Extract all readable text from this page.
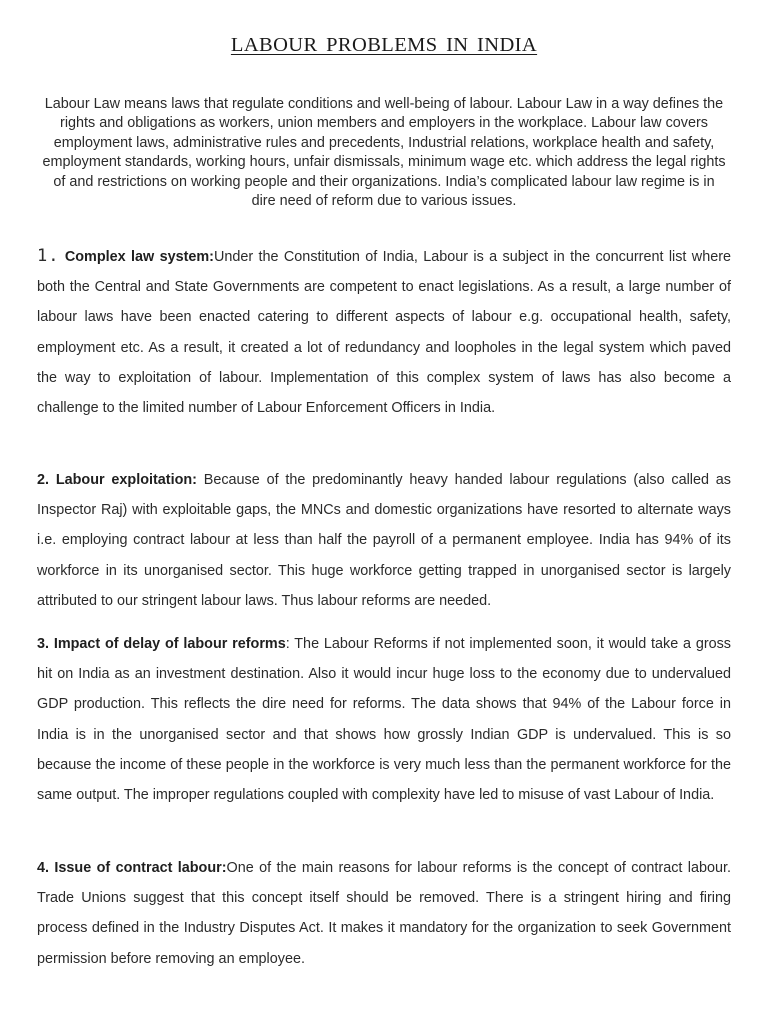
LABOUR PROBLEMS IN INDIA

Labour Law means laws that regulate conditions and well-being of labour. Labour Law in a way defines the rights and obligations as workers, union members and employers in the workplace. Labour law covers employment laws, administrative rules and precedents, Industrial relations, workplace health and safety, employment standards, working hours, unfair dismissals, minimum wage etc. which address the legal rights of and restrictions on working people and their organizations. India’s complicated labour law regime is in dire need of reform due to various issues.

1. Complex law system:Under the Constitution of India, Labour is a subject in the concurrent list where both the Central and State Governments are competent to enact legislations. As a result, a large number of labour laws have been enacted catering to different aspects of labour e.g. occupational health, safety, employment etc. As a result, it created a lot of redundancy and loopholes in the legal system which paved the way to exploitation of labour. Implementation of this complex system of laws has also become a challenge to the limited number of Labour Enforcement Officers in India.

2. Labour exploitation: Because of the predominantly heavy handed labour regulations (also called as Inspector Raj) with exploitable gaps, the MNCs and domestic organizations have resorted to alternate ways i.e. employing contract labour at less than half the payroll of a permanent employee. India has 94% of its workforce in its unorganised sector. This huge workforce getting trapped in unorganised sector is largely attributed to our stringent labour laws. Thus labour reforms are needed.

3. Impact of delay of labour reforms: The Labour Reforms if not implemented soon, it would take a gross hit on India as an investment destination. Also it would incur huge loss to the economy due to undervalued GDP production. This reflects the dire need for reforms. The data shows that 94% of the Labour force in India is in the unorganised sector and that shows how grossly Indian GDP is undervalued. This is so because the income of these people in the workforce is very much less than the permanent workforce for the same output. The improper regulations coupled with complexity have led to misuse of vast Labour of India.

4. Issue of contract labour:One of the main reasons for labour reforms is the concept of contract labour. Trade Unions suggest that this concept itself should be removed. There is a stringent hiring and firing process defined in the Industry Disputes Act. It makes it mandatory for the organization to seek Government permission before removing an employee.
